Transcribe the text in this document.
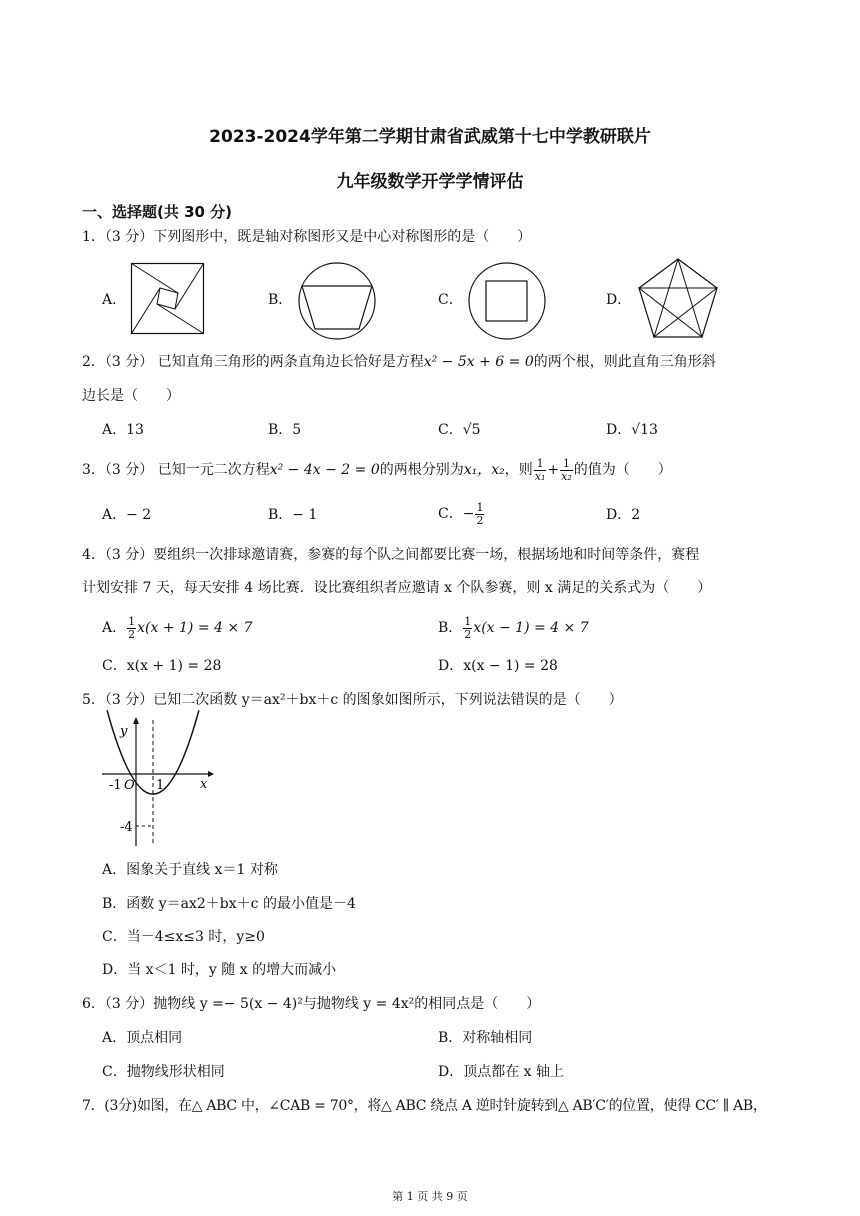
2023-2024学年第二学期甘肃省武威第十七中学教研联片
九年级数学开学学情评估
一、选择题(共 30 分)
1．（3 分）下列图形中，既是轴对称图形又是中心对称图形的是（　　）
A．	B．	C．	D．
2．（3 分） 已知直角三角形的两条直角边长恰好是方程x² − 5x + 6 = 0的两个根，则此直角三角形斜
边长是（　　）
A．13	B．5	C．√5	D．√13
3．（3 分） 已知一元二次方程x² − 4x − 2 = 0的两根分别为x₁，x₂，则 $\frac{1}{\text{x₁}} + \frac{1}{\text{x₂}}$ 的值为（　　）
A．− 2	B．− 1	C．− $\frac{1}{2}$	D．2
4．（3 分）要组织一次排球邀请赛，参赛的每个队之间都要比赛一场，根据场地和时间等条件，赛程
计划安排 7 天，每天安排 4 场比赛．设比赛组织者应邀请 x 个队参赛，则 x 满足的关系式为（　　）
A． $\frac{1}{2} x(x + 1) = 4 \times 7$	B． $\frac{1}{2} x(x - 1) = 4 \times 7$
C．x(x + 1) = 28	D．x(x − 1) = 28
5．（3 分）已知二次函数 y＝ax²＋bx＋c 的图象如图所示，下列说法错误的是（　　）
y
x
O
-1	1
-4
A．图象关于直线 x＝1 对称
B．函数 y＝ax2＋bx＋c 的最小值是－4
C．当－4≤x≤3 时，y≥0
D．当 x＜1 时，y 随 x 的增大而减小
6．（3 分）抛物线 y =− 5(x − 4)²与抛物线 y = 4x²的相同点是（　　）
A．顶点相同	B．对称轴相同
C．抛物线形状相同	D．顶点都在 x 轴上
7．(3分)如图，在△ ABC 中，∠CAB = 70°，将△ ABC 绕点 A 逆时针旋转到△ AB′C′的位置，使得 CC′ ∥ AB，
第 1 页 共 9 页
